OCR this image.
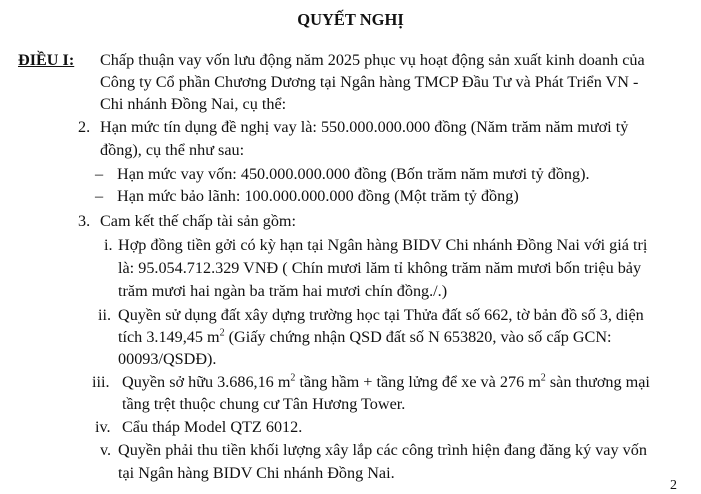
QUYẾT NGHỊ
ĐIỀU I: Chấp thuận vay vốn lưu động năm 2025 phục vụ hoạt động sản xuất kinh doanh của
Công ty Cổ phần Chương Dương tại Ngân hàng TMCP Đầu Tư và Phát Triển VN -
Chi nhánh Đồng Nai, cụ thể:
2. Hạn mức tín dụng đề nghị vay là: 550.000.000.000 đồng (Năm trăm năm mươi tỷ
đồng), cụ thể như sau:
– Hạn mức vay vốn: 450.000.000.000 đồng (Bốn trăm năm mươi tỷ đồng).
– Hạn mức bảo lãnh: 100.000.000.000 đồng (Một trăm tỷ đồng)
3. Cam kết thế chấp tài sản gồm:
i. Hợp đồng tiền gởi có kỳ hạn tại Ngân hàng BIDV Chi nhánh Đồng Nai với giá trị
là: 95.054.712.329 VNĐ ( Chín mươi lăm tỉ không trăm năm mươi bốn triệu bảy
trăm mươi hai ngàn ba trăm hai mươi chín đồng./.)
ii. Quyền sử dụng đất xây dựng trường học tại Thửa đất số 662, tờ bản đồ số 3, diện
tích 3.149,45 $m^2$ (Giấy chứng nhận QSD đất số N 653820, vào số cấp GCN:
00093/QSDĐ).
iii. Quyền sở hữu 3.686,16 $m^2$ tầng hầm + tầng lửng để xe và 276 $m^2$ sàn thương mại
tầng trệt thuộc chung cư Tân Hương Tower.
iv. Cẩu tháp Model QTZ 6012.
v. Quyền phải thu tiền khối lượng xây lắp các công trình hiện đang đăng ký vay vốn
tại Ngân hàng BIDV Chi nhánh Đồng Nai.
2
